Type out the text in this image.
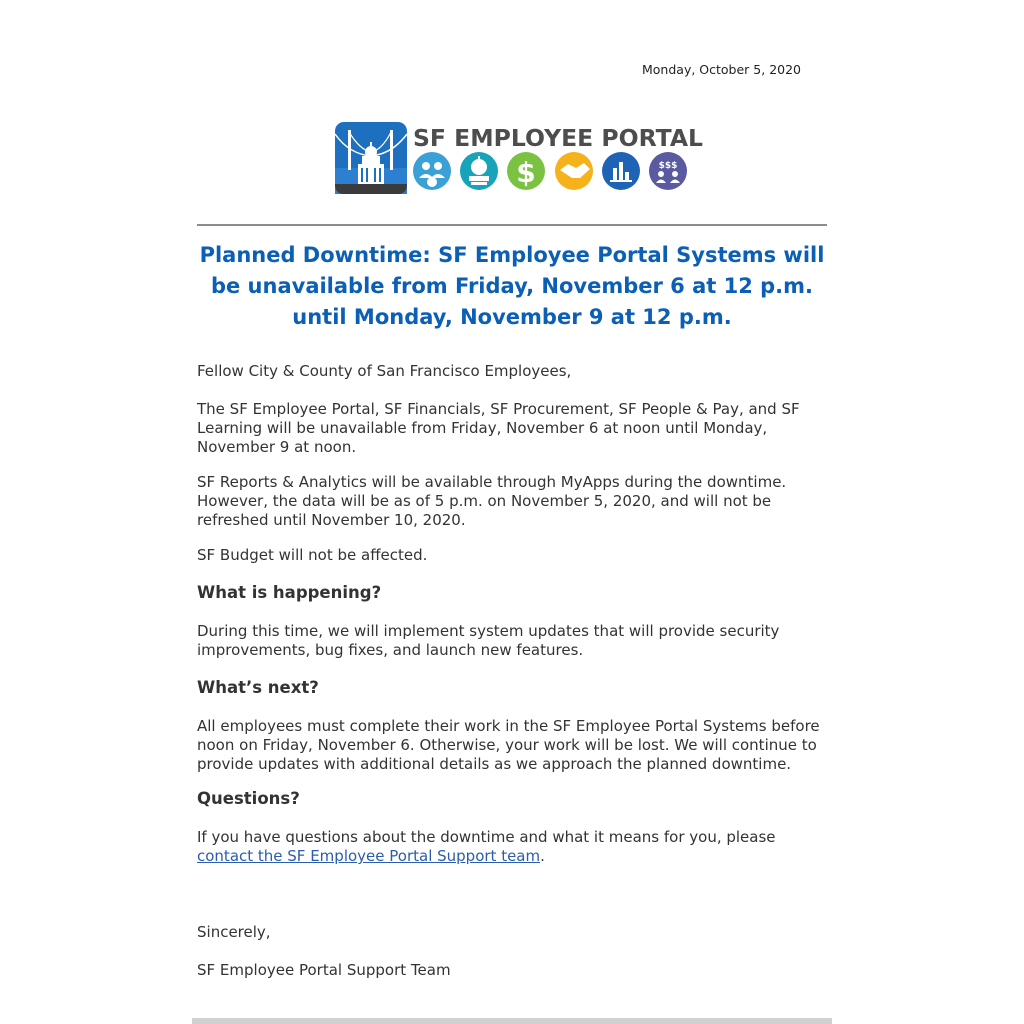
Monday, October 5, 2020
$	$$$
SF EMPLOYEE PORTAL
Planned Downtime: SF Employee Portal Systems will be unavailable from Friday, November 6 at 12 p.m. until Monday, November 9 at 12 p.m.
Fellow City & County of San Francisco Employees,
The SF Employee Portal, SF Financials, SF Procurement, SF People & Pay, and SF Learning will be unavailable from Friday, November 6 at noon until Monday, November 9 at noon.
SF Reports & Analytics will be available through MyApps during the downtime. However, the data will be as of 5 p.m. on November 5, 2020, and will not be refreshed until November 10, 2020.
SF Budget will not be affected.
What is happening?
During this time, we will implement system updates that will provide security improvements, bug fixes, and launch new features.
What’s next?
All employees must complete their work in the SF Employee Portal Systems before noon on Friday, November 6. Otherwise, your work will be lost. We will continue to provide updates with additional details as we approach the planned downtime.
Questions?
If you have questions about the downtime and what it means for you, please
contact the SF Employee Portal Support team.
Sincerely,
SF Employee Portal Support Team
